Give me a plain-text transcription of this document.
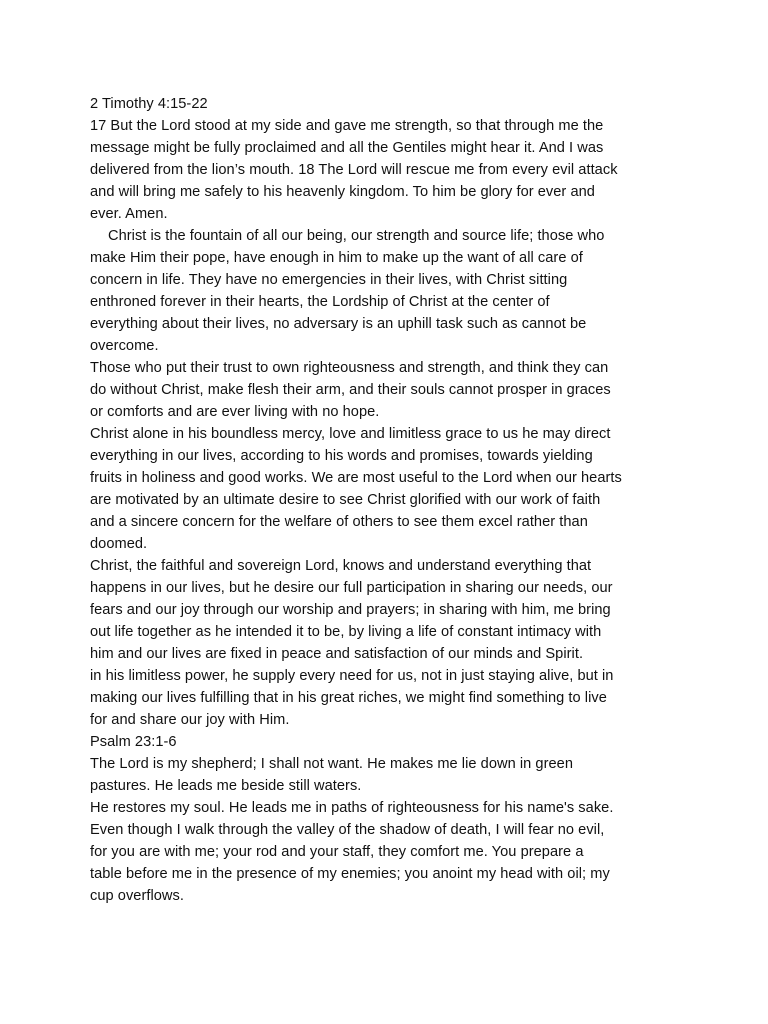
2 Timothy 4:15-22
17 But the Lord stood at my side and gave me strength, so that through me the
message might be fully proclaimed and all the Gentiles might hear it. And I was
delivered from the lion’s mouth. 18 The Lord will rescue me from every evil attack
and will bring me safely to his heavenly kingdom. To him be glory for ever and
ever. Amen.
Christ is the fountain of all our being, our strength and source life; those who
make Him their pope, have enough in him to make up the want of all care of
concern in life. They have no emergencies in their lives, with Christ sitting
enthroned forever in their hearts, the Lordship of Christ at the center of
everything about their lives, no adversary is an uphill task such as cannot be
overcome.
Those who put their trust to own righteousness and strength, and think they can
do without Christ, make flesh their arm, and their souls cannot prosper in graces
or comforts and are ever living with no hope.
Christ alone in his boundless mercy, love and limitless grace to us he may direct
everything in our lives, according to his words and promises, towards yielding
fruits in holiness and good works. We are most useful to the Lord when our hearts
are motivated by an ultimate desire to see Christ glorified with our work of faith
and a sincere concern for the welfare of others to see them excel rather than
doomed.
Christ, the faithful and sovereign Lord, knows and understand everything that
happens in our lives, but he desire our full participation in sharing our needs, our
fears and our joy through our worship and prayers; in sharing with him, me bring
out life together as he intended it to be, by living a life of constant intimacy with
him and our lives are fixed in peace and satisfaction of our minds and Spirit.
in his limitless power, he supply every need for us, not in just staying alive, but in
making our lives fulfilling that in his great riches, we might find something to live
for and share our joy with Him.
Psalm 23:1-6
The Lord is my shepherd; I shall not want. He makes me lie down in green
pastures. He leads me beside still waters.
He restores my soul. He leads me in paths of righteousness for his name's sake.
Even though I walk through the valley of the shadow of death, I will fear no evil,
for you are with me; your rod and your staff, they comfort me. You prepare a
table before me in the presence of my enemies; you anoint my head with oil; my
cup overflows.
